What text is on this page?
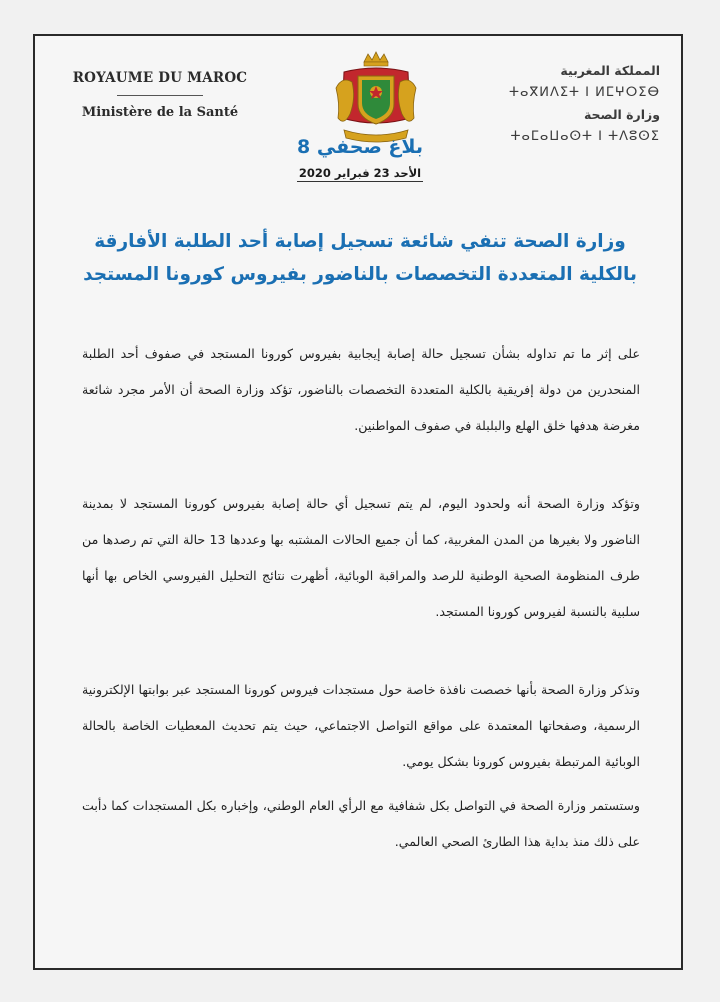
ROYAUME DU MAROC
Ministère de la Santé
المملكة المغربية
ⵜⴰⴳⵍⴷⵉⵜ ⵏ ⵍⵎⵖⵔⵉⴱ
وزارة الصحة
ⵜⴰⵎⴰⵡⴰⵙⵜ ⵏ ⵜⴷⵓⵙⵉ
بلاغ صحفي 8
الأحد 23 فبراير 2020
وزارة الصحة تنفي شائعة تسجيل إصابة أحد الطلبة الأفارقة
بالكلية المتعددة التخصصات بالناضور بفيروس كورونا المستجد
على إثر ما تم تداوله بشأن تسجيل حالة إصابة إيجابية بفيروس كورونا المستجد في صفوف أحد الطلبة المنحدرين من دولة إفريقية بالكلية المتعددة التخصصات بالناضور، تؤكد وزارة الصحة أن الأمر مجرد شائعة مغرضة هدفها خلق الهلع والبلبلة في صفوف المواطنين.
وتؤكد وزارة الصحة أنه ولحدود اليوم، لم يتم تسجيل أي حالة إصابة بفيروس كورونا المستجد لا بمدينة الناضور ولا بغيرها من المدن المغربية، كما أن جميع الحالات المشتبه بها وعددها 13 حالة التي تم رصدها من طرف المنظومة الصحية الوطنية للرصد والمراقبة الوبائية، أظهرت نتائج التحليل الفيروسي الخاص بها أنها سلبية بالنسبة لفيروس كورونا المستجد.
وتذكر وزارة الصحة بأنها خصصت نافذة خاصة حول مستجدات فيروس كورونا المستجد عبر بوابتها الإلكترونية الرسمية، وصفحاتها المعتمدة على مواقع التواصل الاجتماعي، حيث يتم تحديث المعطيات الخاصة بالحالة الوبائية المرتبطة بفيروس كورونا بشكل يومي.
وستستمر وزارة الصحة في التواصل بكل شفافية مع الرأي العام الوطني، وإخباره بكل المستجدات كما دأبت على ذلك منذ بداية هذا الطارئ الصحي العالمي.
